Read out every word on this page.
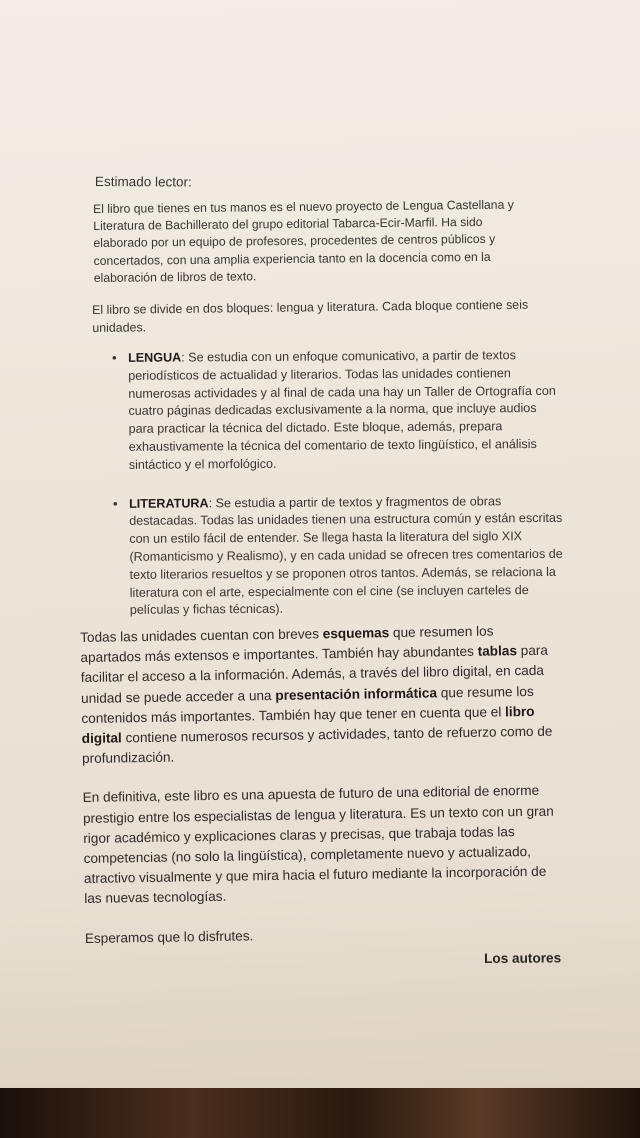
Estimado lector:

El libro que tienes en tus manos es el nuevo proyecto de Lengua Castellana y Literatura de Bachillerato del grupo editorial Tabarca-Ecir-Marfil. Ha sido elaborado por un equipo de profesores, procedentes de centros públicos y concertados, con una amplia experiencia tanto en la docencia como en la elaboración de libros de texto.

El libro se divide en dos bloques: lengua y literatura. Cada bloque contiene seis unidades.

• LENGUA: Se estudia con un enfoque comunicativo, a partir de textos periodísticos de actualidad y literarios. Todas las unidades contienen numerosas actividades y al final de cada una hay un Taller de Ortografía con cuatro páginas dedicadas exclusivamente a la norma, que incluye audios para practicar la técnica del dictado. Este bloque, además, prepara exhaustivamente la técnica del comentario de texto lingüístico, el análisis sintáctico y el morfológico.
• LITERATURA: Se estudia a partir de textos y fragmentos de obras destacadas. Todas las unidades tienen una estructura común y están escritas con un estilo fácil de entender. Se llega hasta la literatura del siglo XIX (Romanticismo y Realismo), y en cada unidad se ofrecen tres comentarios de texto literarios resueltos y se proponen otros tantos. Además, se relaciona la literatura con el arte, especialmente con el cine (se incluyen carteles de películas y fichas técnicas).

Todas las unidades cuentan con breves esquemas que resumen los apartados más extensos e importantes. También hay abundantes tablas para facilitar el acceso a la información. Además, a través del libro digital, en cada unidad se puede acceder a una presentación informática que resume los contenidos más importantes. También hay que tener en cuenta que el libro digital contiene numerosos recursos y actividades, tanto de refuerzo como de profundización.

En definitiva, este libro es una apuesta de futuro de una editorial de enorme prestigio entre los especialistas de lengua y literatura. Es un texto con un gran rigor académico y explicaciones claras y precisas, que trabaja todas las competencias (no solo la lingüística), completamente nuevo y actualizado, atractivo visualmente y que mira hacia el futuro mediante la incorporación de las nuevas tecnologías.

Esperamos que lo disfrutes.

Los autores
